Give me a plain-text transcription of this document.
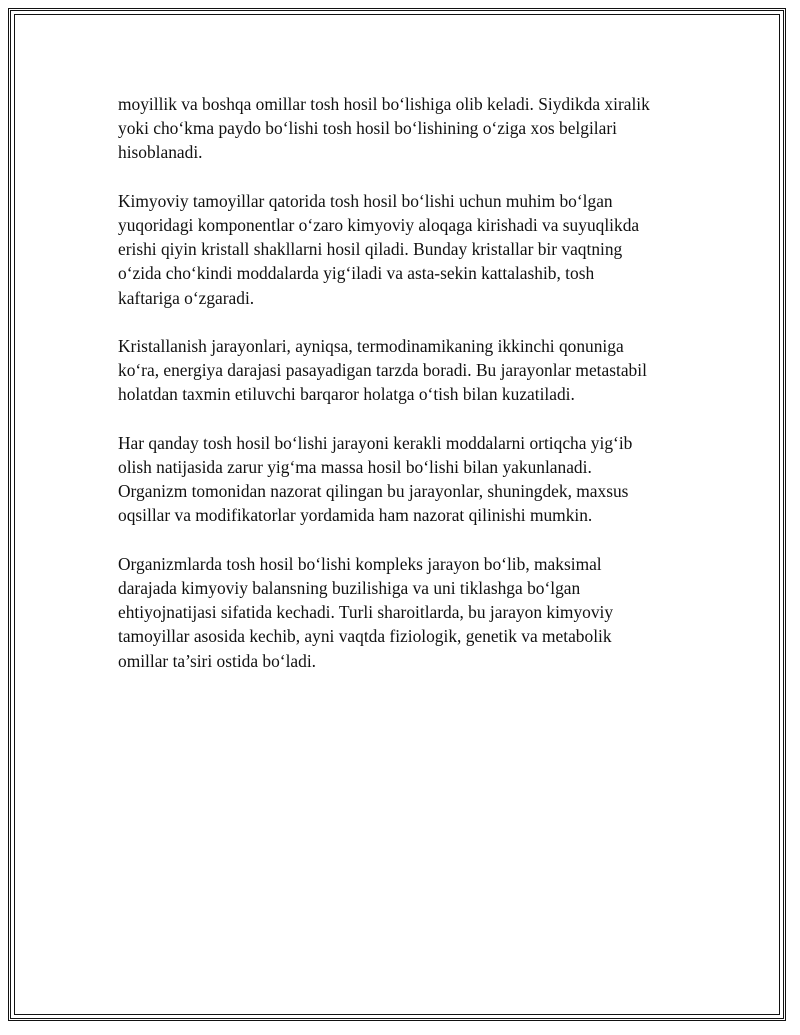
moyillik va boshqa omillar tosh hosil bo‘lishiga olib keladi. Siydikda xiralik
yoki cho‘kma paydo bo‘lishi tosh hosil bo‘lishining o‘ziga xos belgilari
hisoblanadi.

Kimyoviy tamoyillar qatorida tosh hosil bo‘lishi uchun muhim bo‘lgan
yuqoridagi komponentlar o‘zaro kimyoviy aloqaga kirishadi va suyuqlikda
erishi qiyin kristall shakllarni hosil qiladi. Bunday kristallar bir vaqtning
o‘zida cho‘kindi moddalarda yig‘iladi va asta-sekin kattalashib, tosh
kaftariga o‘zgaradi.

Kristallanish jarayonlari, ayniqsa, termodinamikaning ikkinchi qonuniga
ko‘ra, energiya darajasi pasayadigan tarzda boradi. Bu jarayonlar metastabil
holatdan taxmin etiluvchi barqaror holatga o‘tish bilan kuzatiladi.

Har qanday tosh hosil bo‘lishi jarayoni kerakli moddalarni ortiqcha yig‘ib
olish natijasida zarur yig‘ma massa hosil bo‘lishi bilan yakunlanadi.
Organizm tomonidan nazorat qilingan bu jarayonlar, shuningdek, maxsus
oqsillar va modifikatorlar yordamida ham nazorat qilinishi mumkin.

Organizmlarda tosh hosil bo‘lishi kompleks jarayon bo‘lib, maksimal
darajada kimyoviy balansning buzilishiga va uni tiklashga bo‘lgan
ehtiyojnatijasi sifatida kechadi. Turli sharoitlarda, bu jarayon kimyoviy
tamoyillar asosida kechib, ayni vaqtda fiziologik, genetik va metabolik
omillar ta’siri ostida bo‘ladi.
